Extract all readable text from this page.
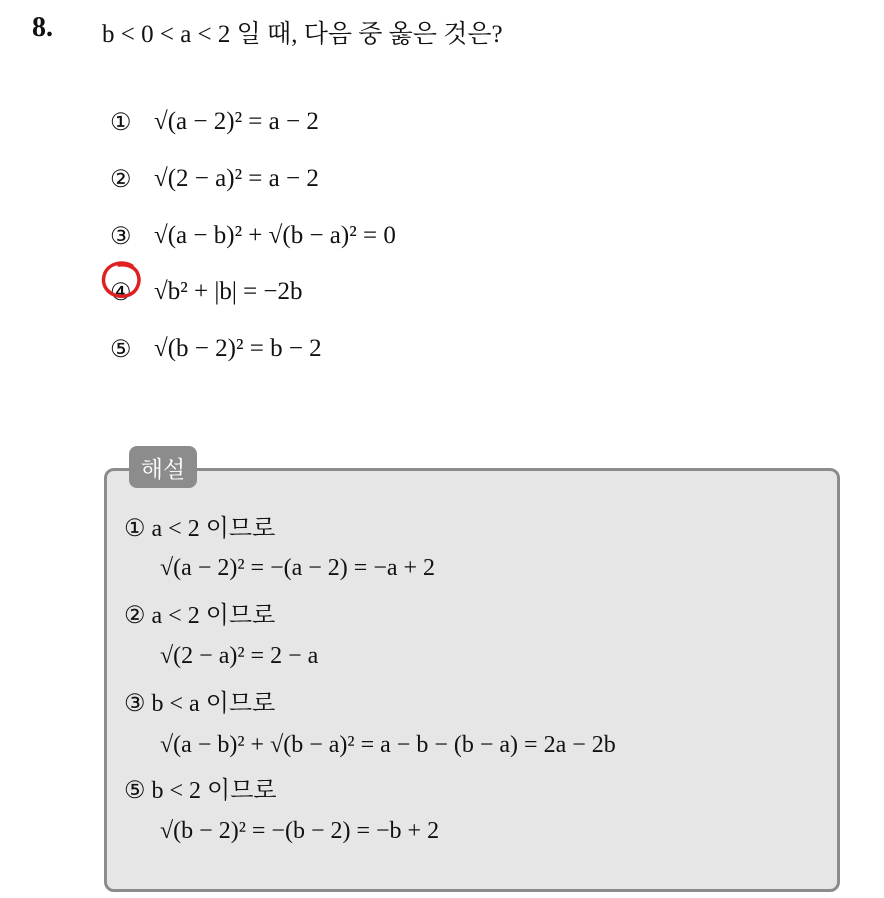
8. b < 0 < a < 2 일 때, 다음 중 옳은 것은?
① √(a − 2)² = a − 2
② √(2 − a)² = a − 2
③ √(a − b)² + √(b − a)² = 0
④ √b² + |b| = −2b
⑤ √(b − 2)² = b − 2
해설
① a < 2 이므로
√(a − 2)² = −(a − 2) = −a + 2
② a < 2 이므로
√(2 − a)² = 2 − a
③ b < a 이므로
√(a − b)² + √(b − a)² = a − b − (b − a) = 2a − 2b
⑤ b < 2 이므로
√(b − 2)² = −(b − 2) = −b + 2
